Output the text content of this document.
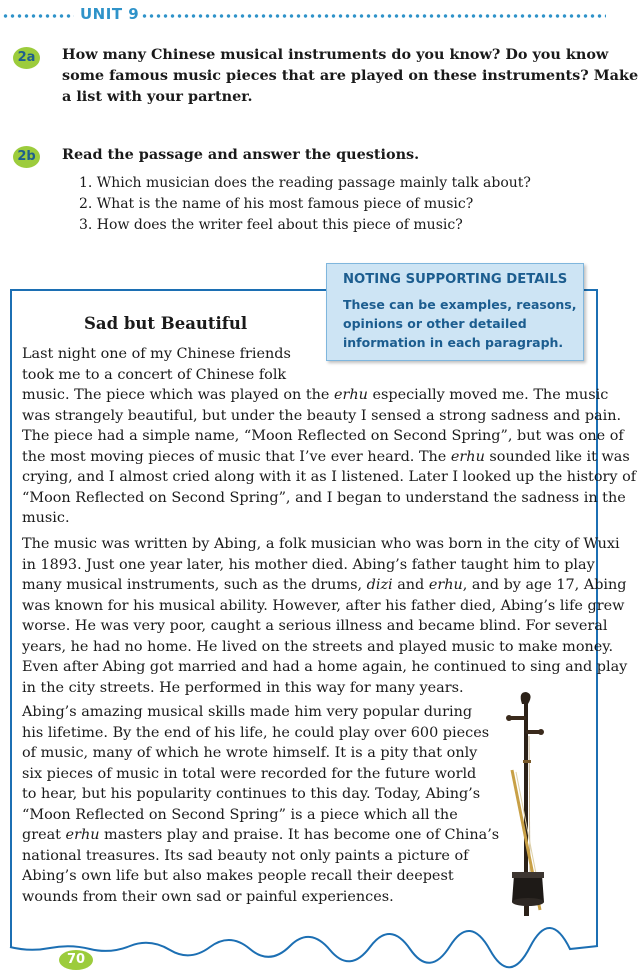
UNIT 9
2a	How many Chinese musical instruments do you know? Do you know
some famous music pieces that are played on these instruments? Make
a list with your partner.
2b	Read the passage and answer the questions.
1. Which musician does the reading passage mainly talk about?
2. What is the name of his most famous piece of music?
3. How does the writer feel about this piece of music?
NOTING SUPPORTING DETAILS
These can be examples, reasons,
opinions or other detailed
information in each paragraph.
Sad but Beautiful
Last night one of my Chinese friends
took me to a concert of Chinese folk
music. The piece which was played on the erhu especially moved me. The music
was strangely beautiful, but under the beauty I sensed a strong sadness and pain.
The piece had a simple name, “Moon Reflected on Second Spring”, but was one of
the most moving pieces of music that I’ve ever heard. The erhu sounded like it was
crying, and I almost cried along with it as I listened. Later I looked up the history of
“Moon Reflected on Second Spring”, and I began to understand the sadness in the
music.
The music was written by Abing, a folk musician who was born in the city of Wuxi
in 1893. Just one year later, his mother died. Abing’s father taught him to play
many musical instruments, such as the drums, dizi and erhu, and by age 17, Abing
was known for his musical ability. However, after his father died, Abing’s life grew
worse. He was very poor, caught a serious illness and became blind. For several
years, he had no home. He lived on the streets and played music to make money.
Even after Abing got married and had a home again, he continued to sing and play
in the city streets. He performed in this way for many years.
Abing’s amazing musical skills made him very popular during
his lifetime. By the end of his life, he could play over 600 pieces
of music, many of which he wrote himself. It is a pity that only
six pieces of music in total were recorded for the future world
to hear, but his popularity continues to this day. Today, Abing’s
“Moon Reflected on Second Spring” is a piece which all the
great erhu masters play and praise. It has become one of China’s
national treasures. Its sad beauty not only paints a picture of
Abing’s own life but also makes people recall their deepest
wounds from their own sad or painful experiences.
70
